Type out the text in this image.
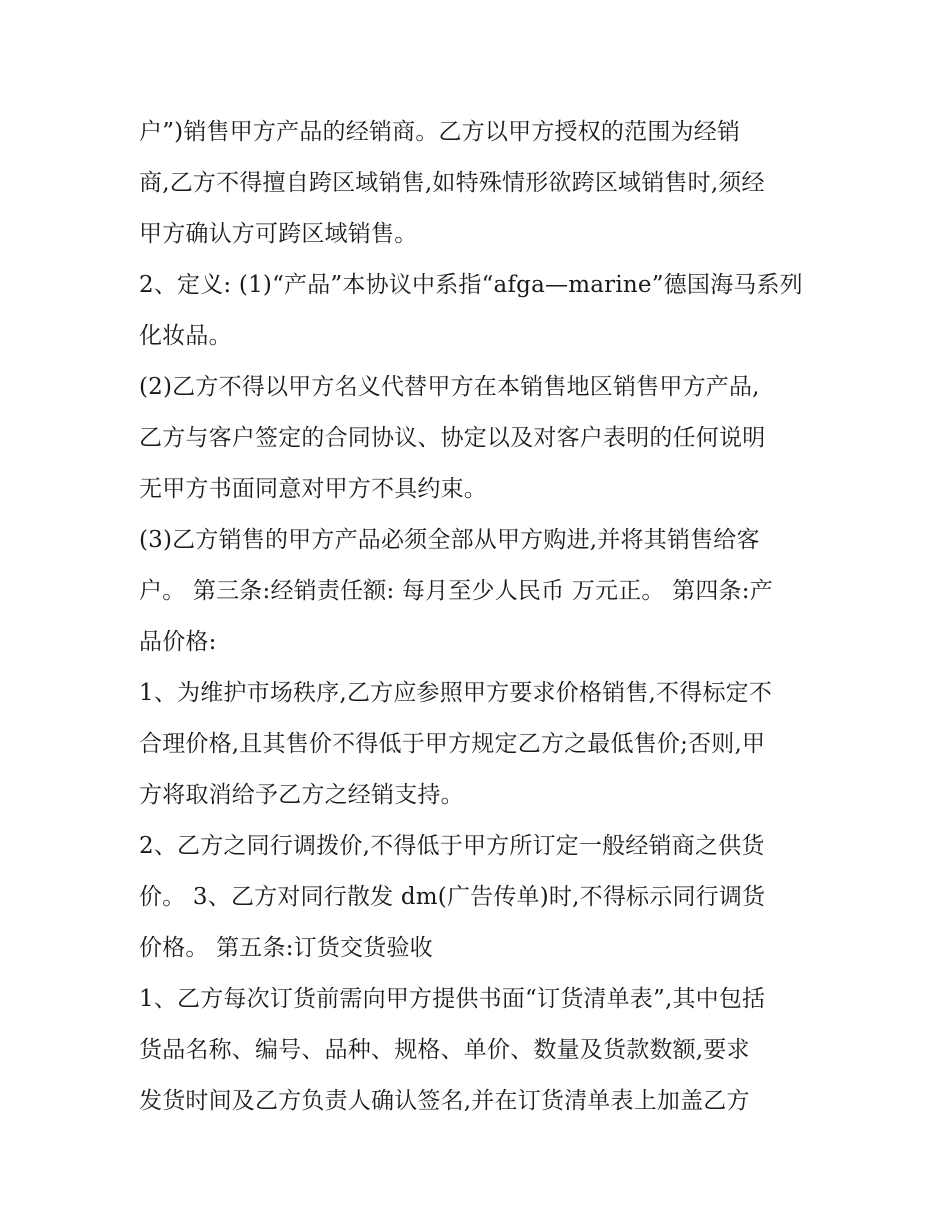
户”)销售甲方产品的经销商。乙方以甲方授权的范围为经销
商,乙方不得擅自跨区域销售,如特殊情形欲跨区域销售时,须经
甲方确认方可跨区域销售。
2、定义: (1)“产品”本协议中系指“afga—marine”德国海马系列
化妆品。
(2)乙方不得以甲方名义代替甲方在本销售地区销售甲方产品,
乙方与客户签定的合同协议、协定以及对客户表明的任何说明
无甲方书面同意对甲方不具约束。
(3)乙方销售的甲方产品必须全部从甲方购进,并将其销售给客
户。 第三条:经销责任额: 每月至少人民币 万元正。 第四条:产
品价格:
1、为维护市场秩序,乙方应参照甲方要求价格销售,不得标定不
合理价格,且其售价不得低于甲方规定乙方之最低售价;否则,甲
方将取消给予乙方之经销支持。
2、乙方之同行调拨价,不得低于甲方所订定一般经销商之供货
价。 3、乙方对同行散发 dm(广告传单)时,不得标示同行调货
价格。 第五条:订货交货验收
1、乙方每次订货前需向甲方提供书面“订货清单表”,其中包括
货品名称、编号、品种、规格、单价、数量及货款数额,要求
发货时间及乙方负责人确认签名,并在订货清单表上加盖乙方
